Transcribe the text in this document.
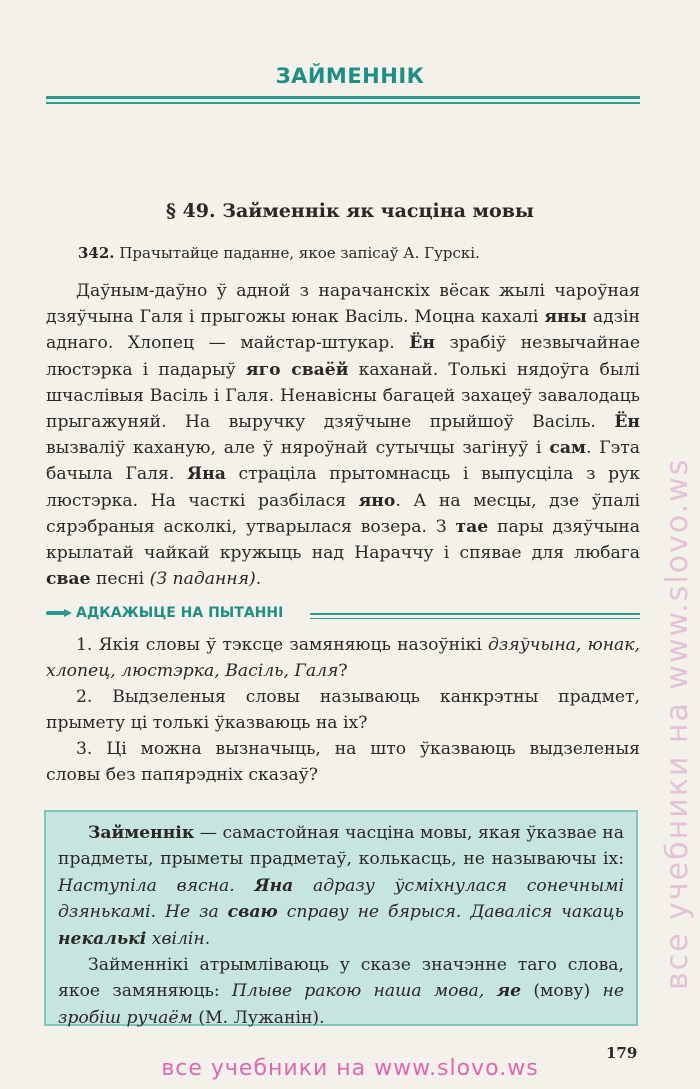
ЗАЙМЕННІК
§ 49. Займеннік як часціна мовы
342. Прачытайце паданне, якое запісаў А. Гурскі.
Даўным-даўно ў адной з нарачанскіх вёсак жылі чароўная дзяўчына Галя і прыгожы юнак Васіль. Моцна кахалі яны адзін аднаго. Хлопец — майстар-штукар. Ён зрабіў незвычайнае люстэрка і падарыў яго сваёй каханай. Толькі нядоўга былі шчаслівыя Васіль і Галя. Ненавісны багацей захацеў завалодаць прыгажуняй. На выручку дзяўчыне прыйшоў Васіль. Ён вызваліў каханую, але ў няроўнай сутычцы загінуў і сам. Гэта бачыла Галя. Яна страціла прытомнасць і выпусціла з рук люстэрка. На часткі разбілася яно. А на месцы, дзе ўпалі сярэбраныя асколкі, утварылася возера. З тае пары дзяўчына крылатай чайкай кружыць над Нараччу і спявае для любага свае песні (З падання).
АДКАЖЫЦЕ НА ПЫТАННІ

1. Якія словы ў тэксце замяняюць назоўнікі дзяўчына, юнак, хлопец, люстэрка, Васіль, Галя?

2. Выдзеленыя словы называюць канкрэтны прадмет, прымету ці толькі ўказваюць на іх?

3. Ці можна вызначыць, на што ўказваюць выдзеленыя словы без папярэдніх сказаў?

Займеннік — самастойная часціна мовы, якая ўказвае на прадметы, прыметы прадметаў, колькасць, не называючы іх: Наступіла вясна. Яна адразу ўсміхнулася сонечнымі дзянькамі. Не за сваю справу не бярыся. Даваліся чакаць некалькі хвілін.

Займеннікі атрымліваюць у сказе значэнне таго слова, якое замяняюць: Плыве ракою наша мова, яе (мову) не зробіш ручаём (М. Лужанін).

179
все учебники на www.slovo.ws
все учебники на www.slovo.ws
